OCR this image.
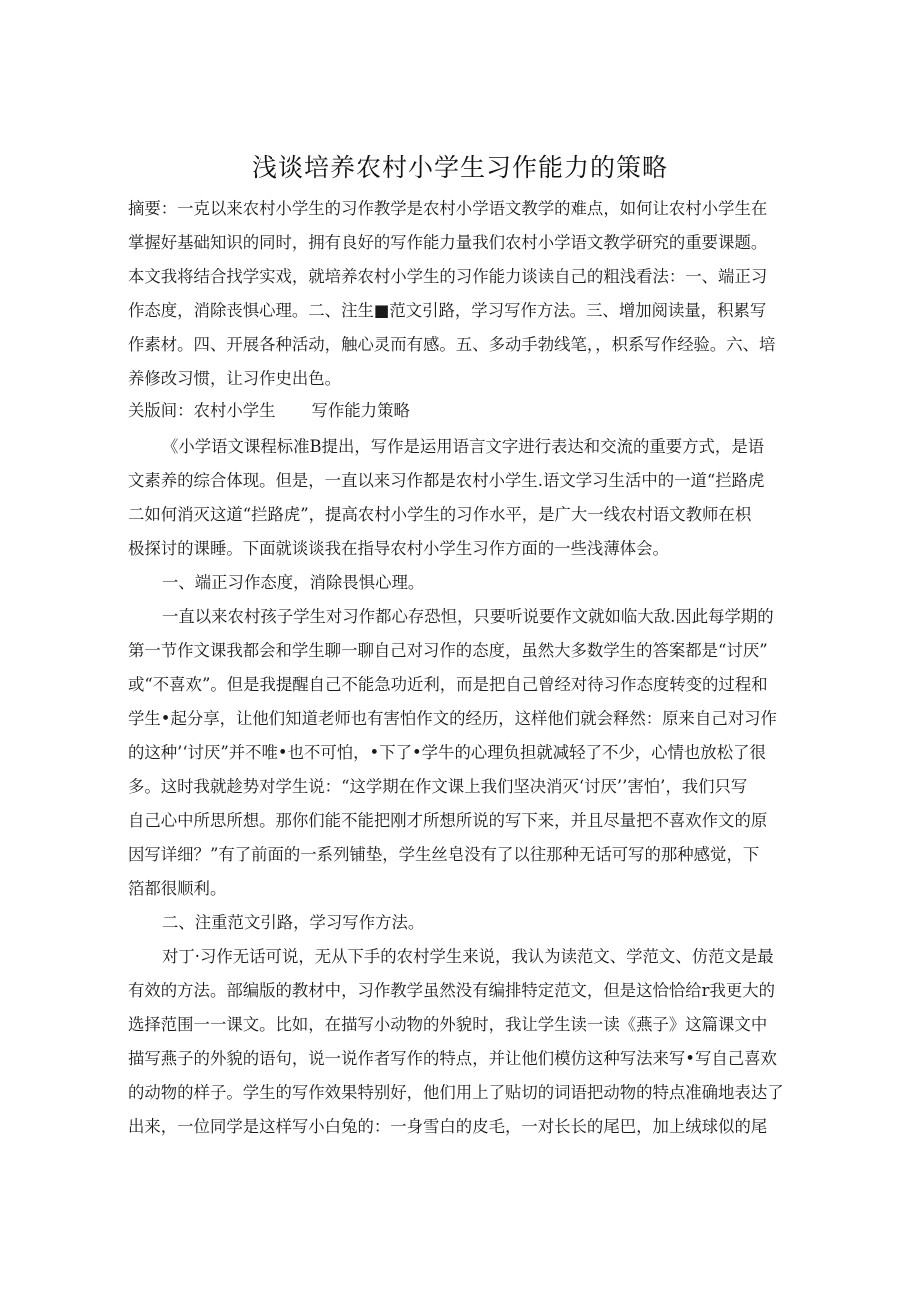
浅谈培养农村小学生习作能力的策略
摘要：一克以来农村小学生的习作教学是农村小学语文教学的难点，如何让农村小学生在
掌握好基础知识的同时，拥有良好的写作能力量我们农村小学语文教学研究的重要课题。
本文我将结合找学实戏，就培养农村小学生的习作能力谈读自己的粗浅看法：一、端正习
作态度，消除丧惧心理。二、注生■范文引路，学习写作方法。三、增加阅读量，积累写
作素材。四、开展各种活动，触心灵而有感。五、多动手勃线笔，，枳系写作经验。六、培
养修改习惯，让习作史出色。
关版间：农村小学生 写作能力策略
《小学语文课程标准B提出，写作是运用语言文字进行表达和交流的重要方式，是语
文素养的综合体现。但是，一直以来习作都是农村小学生.语文学习生活中的一道“拦路虎
二如何消灭这道“拦路虎”，提高农村小学生的习作水平，是广大一线农村语文教师在枳
极探讨的课睡。下面就谈谈我在指导农村小学生习作方面的一些浅薄体会。
一、端正习作态度，消除畏惧心理。
一直以来农村孩子学生对习作都心存恐怛，只要听说要作文就如临大敌.因此每学期的
第一节作文课我都会和学生聊一聊自己对习作的态度，虽然大多数学生的答案都是“讨厌”
或“不喜欢”。但是我提醒自己不能急功近利，而是把自己曾经对待习作态度转变的过程和
学生•起分享，让他们知道老师也有害怕作文的经历，这样他们就会释然：原来自己对习作
的这种’‘讨厌”并不唯•也不可怕，•下了•学牛的心理负担就减轻了不少，心情也放松了很
多。这时我就趁势对学生说：“这学期在作文课上我们坚决消灭‘讨厌’’害怕’，我们只写
自己心中所思所想。那你们能不能把刚才所想所说的写下来，并且尽量把不喜欢作文的原
因写详细？”有了前面的一系列铺垫，学生丝皂没有了以往那种无话可写的那种感觉，下
箔都很顺利。
二、注重范文引路，学习写作方法。
对丁·习作无话可说，无从下手的农村学生来说，我认为读范文、学范文、仿范文是最
有效的方法。部编版的教材中，习作教学虽然没有编排特定范文，但是这恰恰给r我更大的
选择范围一一课文。比如，在描写小动物的外貌时，我让学生读一读《燕子》这篇课文中
描写燕子的外貌的语句，说一说作者写作的特点，并让他们模仿这种写法来写•写自己喜欢
的动物的样子。学生的写作效果特别好，他们用上了贴切的词语把动物的特点准确地表达了
出来，一位同学是这样写小白兔的：一身雪白的皮毛，一对长长的尾巴，加上绒球似的尾
